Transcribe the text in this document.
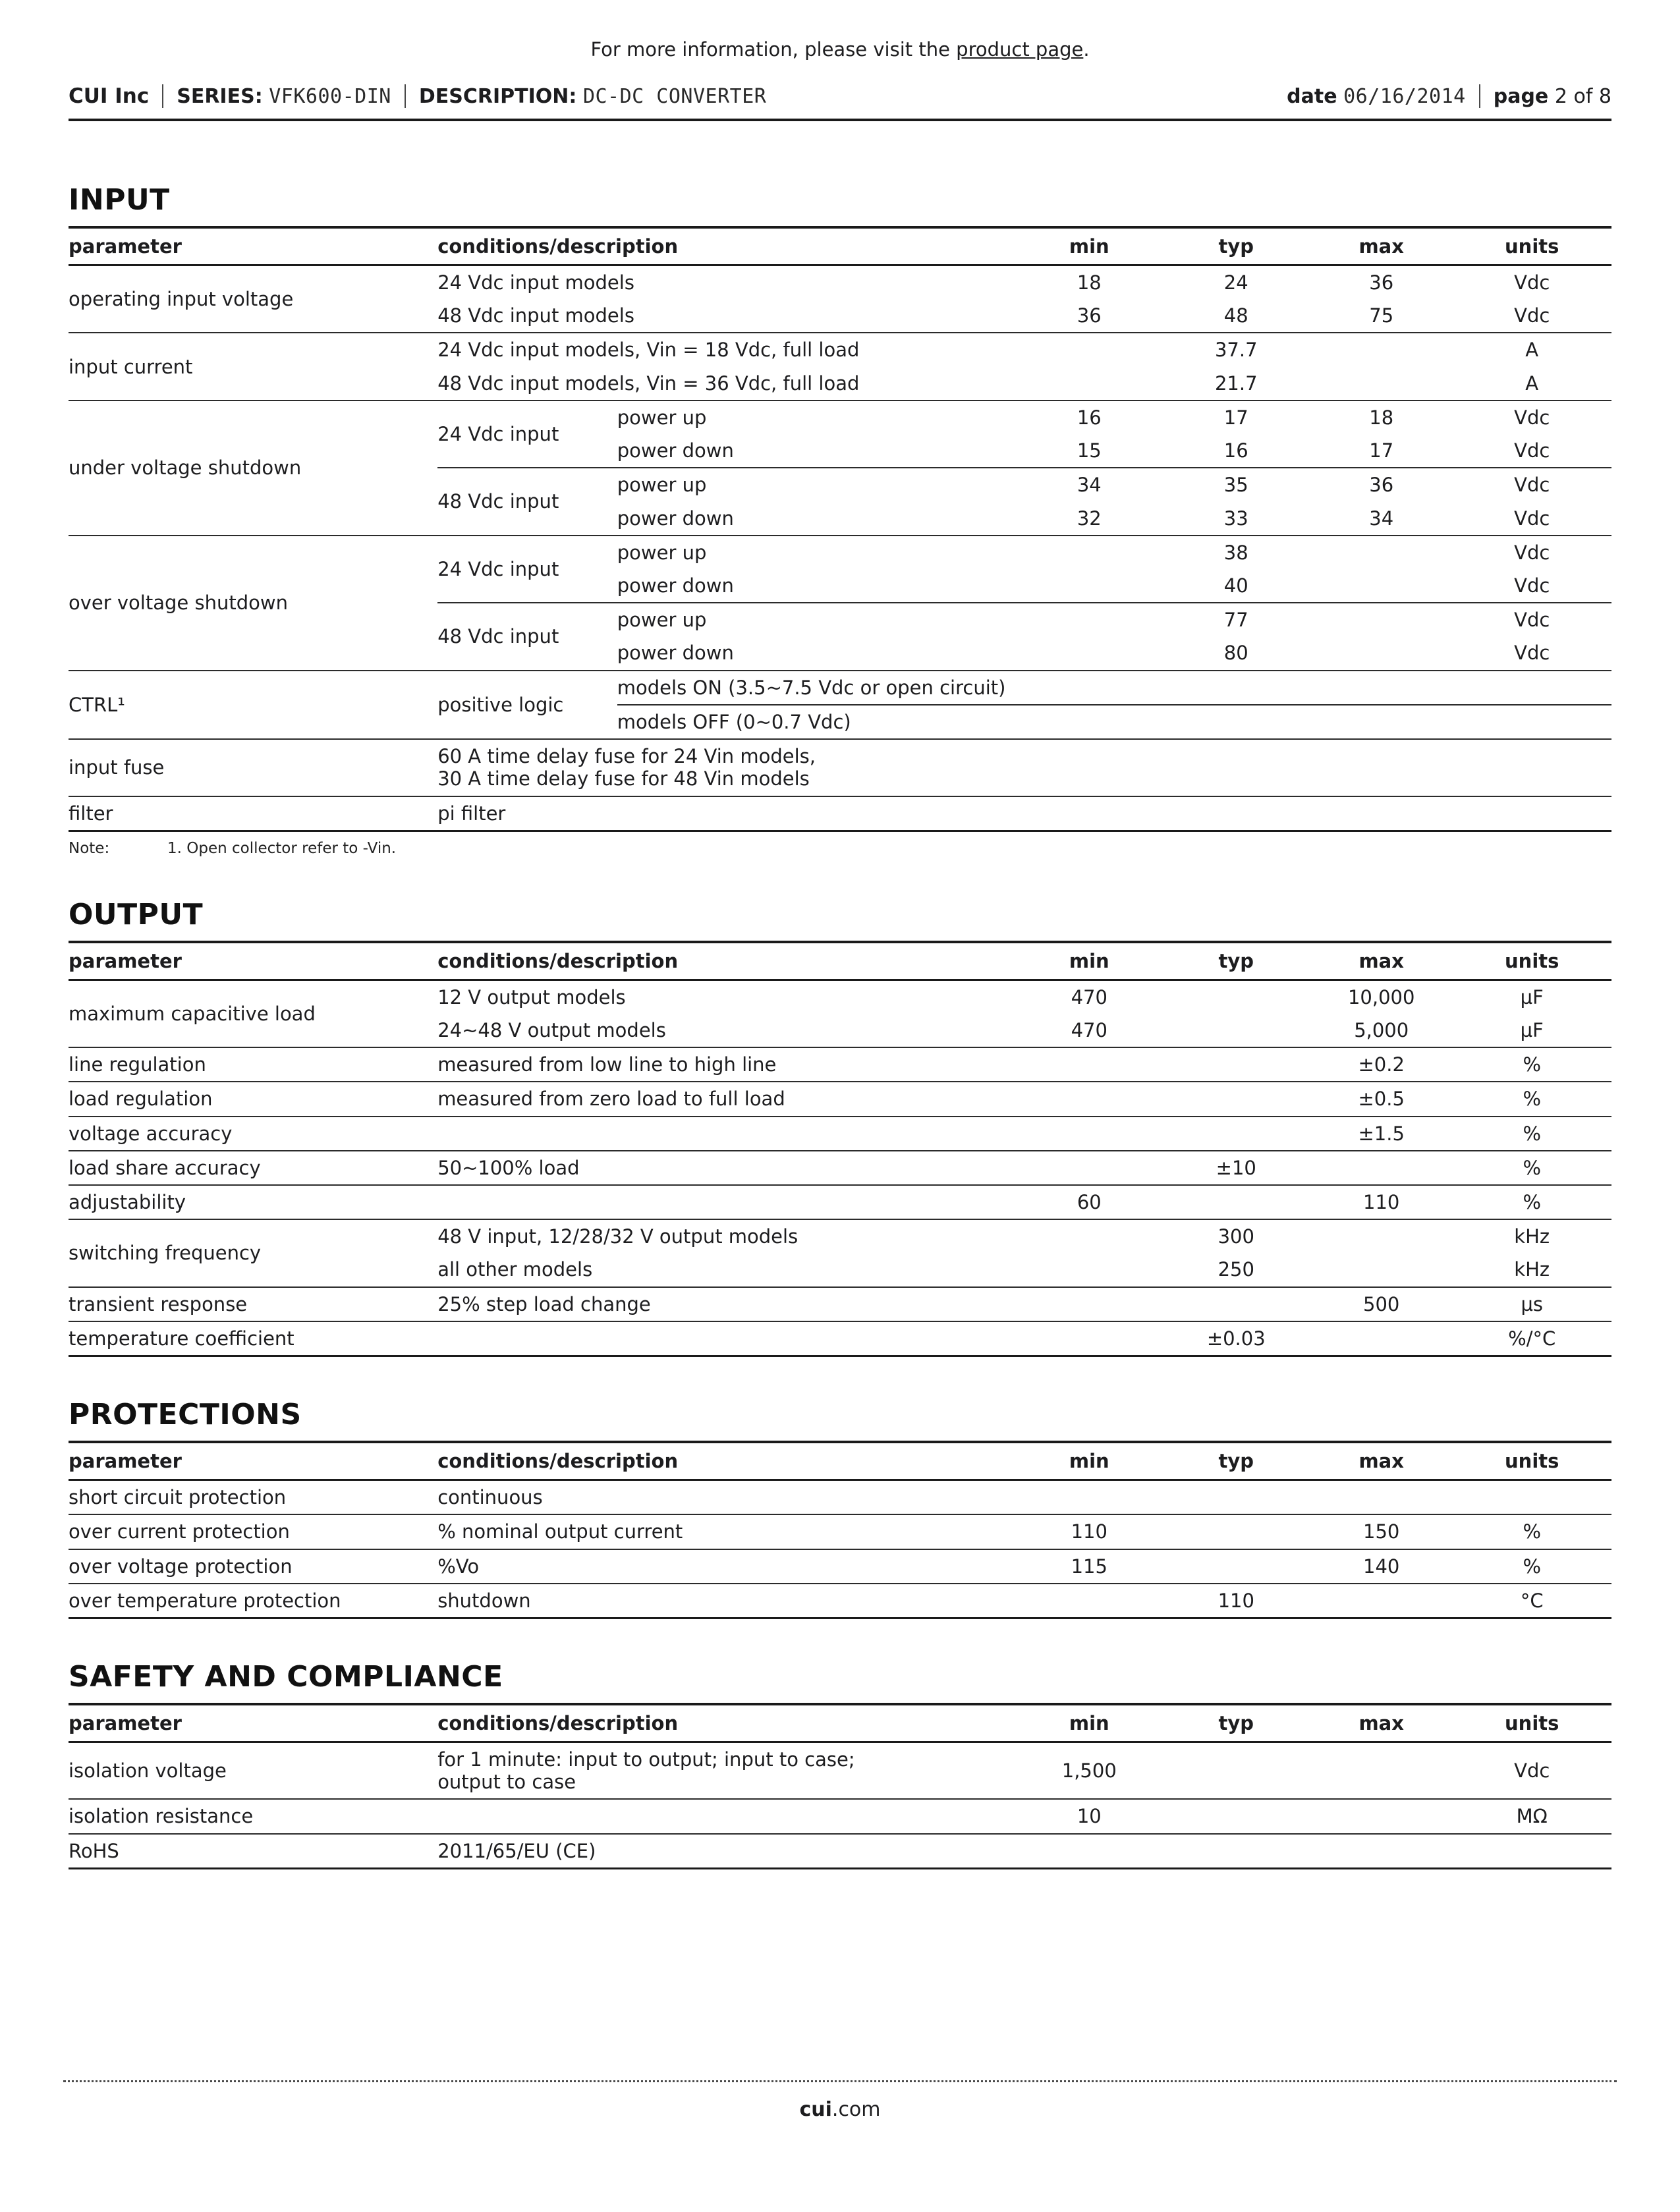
For more information, please visit the product page.
CUI Inc SERIES: VFK600-DIN DESCRIPTION: DC-DC CONVERTER	date 06/16/2014 page 2 of 8
INPUT
parameter	conditions/description		min	typ	max	units
operating input voltage	24 Vdc input models		18	24	36	Vdc
	48 Vdc input models		36	48	75	Vdc
input current	24 Vdc input models, Vin = 18 Vdc, full load			37.7		A
	48 Vdc input models, Vin = 36 Vdc, full load			21.7		A
under voltage shutdown	24 Vdc input	power up	16	17	18	Vdc
		power down	15	16	17	Vdc
	48 Vdc input	power up	34	35	36	Vdc
		power down	32	33	34	Vdc
over voltage shutdown	24 Vdc input	power up		38		Vdc
		power down		40		Vdc
	48 Vdc input	power up		77		Vdc
		power down		80		Vdc
CTRL¹	positive logic	models ON (3.5~7.5 Vdc or open circuit)				
		models OFF (0~0.7 Vdc)				
input fuse	60 A time delay fuse for 24 Vin models,
30 A time delay fuse for 48 Vin models					

filter	pi filter					
Note:	1. Open collector refer to -Vin.
OUTPUT
parameter	conditions/description	min	typ	max	units
maximum capacitive load	12 V output models	470		10,000	µF
	24~48 V output models	470		5,000	µF
line regulation	measured from low line to high line			±0.2	%
load regulation	measured from zero load to full load			±0.5	%
voltage accuracy				±1.5	%
load share accuracy	50~100% load		±10		%
adjustability		60		110	%
switching frequency	48 V input, 12/28/32 V output models		300		kHz
	all other models		250		kHz
transient response	25% step load change			500	µs
temperature coefficient			±0.03		%/°C
PROTECTIONS
parameter	conditions/description	min	typ	max	units
short circuit protection	continuous				
over current protection	% nominal output current	110		150	%
over voltage protection	%Vo	115		140	%
over temperature protection	shutdown		110		°C
SAFETY AND COMPLIANCE
parameter	conditions/description	min	typ	max	units
isolation voltage	for 1 minute: input to output; input to case;
output to case	1,500			Vdc
isolation resistance		10			MΩ
RoHS	2011/65/EU (CE)				
cui.com
